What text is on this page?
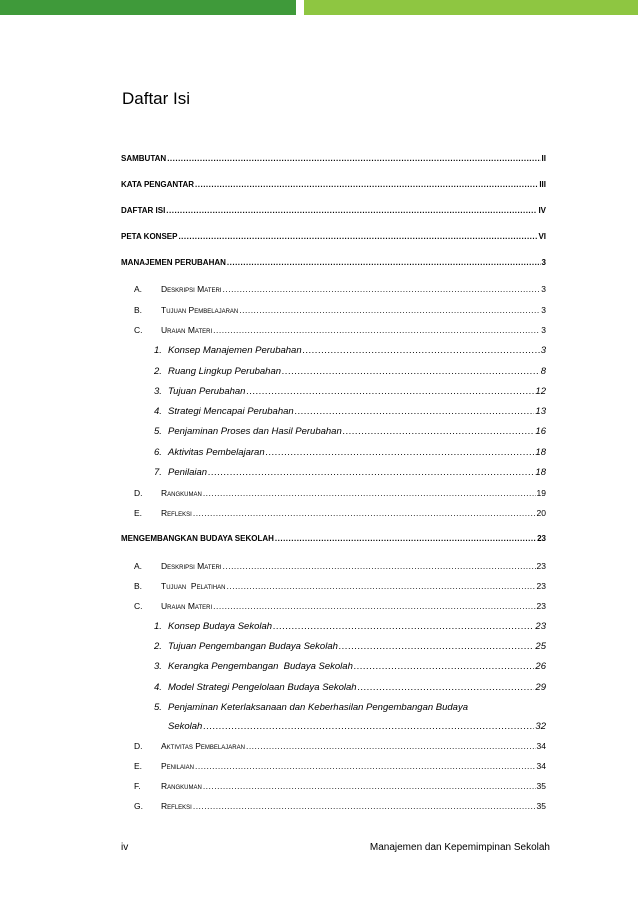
Daftar Isi
SAMBUTAN .....	II
KATA PENGANTAR .....	III
DAFTAR ISI .....	IV
PETA KONSEP .....	VI
MANAJEMEN PERUBAHAN .....	3
A.	Deskripsi Materi .....	3
B.	Tujuan Pembelajaran .....	3
C.	Uraian Materi .....	3
1. Konsep Manajemen Perubahan .....	3
2. Ruang Lingkup Perubahan .....	8
3. Tujuan Perubahan .....	12
4. Strategi Mencapai Perubahan .....	13
5. Penjaminan Proses dan Hasil Perubahan .....	16
6. Aktivitas Pembelajaran .....	18
7. Penilaian .....	18
D.	Rangkuman .....	19
E.	Refleksi .....	20
MENGEMBANGKAN BUDAYA SEKOLAH .....	23
A.	Deskripsi Materi .....	23
B.	Tujuan  Pelatihan .....	23
C.	Uraian Materi .....	23
1. Konsep Budaya Sekolah .....	23
2. Tujuan Pengembangan Budaya Sekolah .....	25
3. Kerangka Pengembangan  Budaya Sekolah .....	26
4. Model Strategi Pengelolaan Budaya Sekolah .....	29
5. Penjaminan Keterlaksanaan dan Keberhasilan Pengembangan Budaya
Sekolah .....	32
D.	Aktivitas Pembelajaran .....	34
E.	Penilaian .....	34
F.	Rangkuman .....	35
G.	Refleksi .....	35
iv	Manajemen dan Kepemimpinan Sekolah
